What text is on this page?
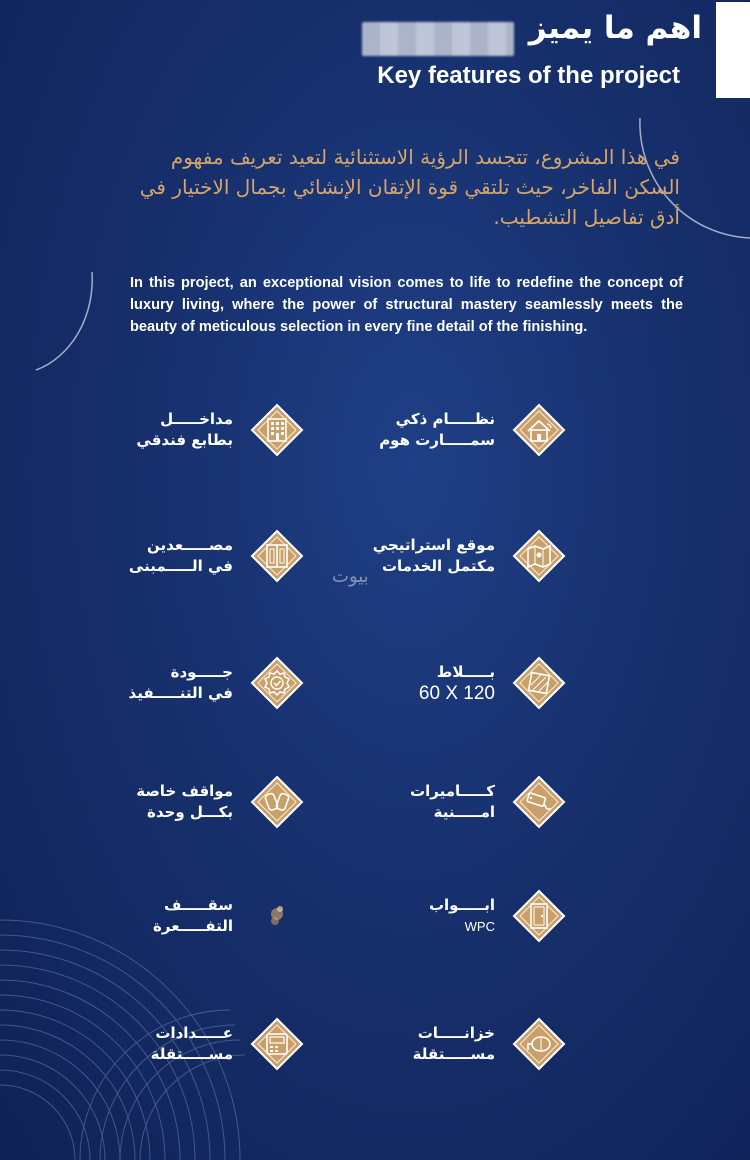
اهم ما يميز
Key features of the project
في هذا المشروع، تتجسد الرؤية الاستثنائية لتعيد تعريف مفهوم السكن الفاخر، حيث تلتقي قوة الإتقان الإنشائي بجمال الاختيار في أدق تفاصيل التشطيب.
In this project, an exceptional vision comes to life to redefine the concept of luxury living, where the power of structural mastery seamlessly meets the beauty of meticulous selection in every fine detail of the finishing.
بيوت
مداخـــــل

بطابع فندقي
نظـــــام ذكي

سمـــــارت هوم
مصـــــعدين

في الـــــمبنى
موقع استراتيجي

مكتمل الخدمات
جـــــودة

في التنـــــفيذ
بـــــلاط

60 X 120
مواقف خاصة

بكـــل وحدة
كـــــاميرات

امـــــنية
سقـــــف

التفـــــعرة
ابـــــواب

WPC
عـــــدادات

مســـــتقلة
خزانـــــات

مســـــتقلة
